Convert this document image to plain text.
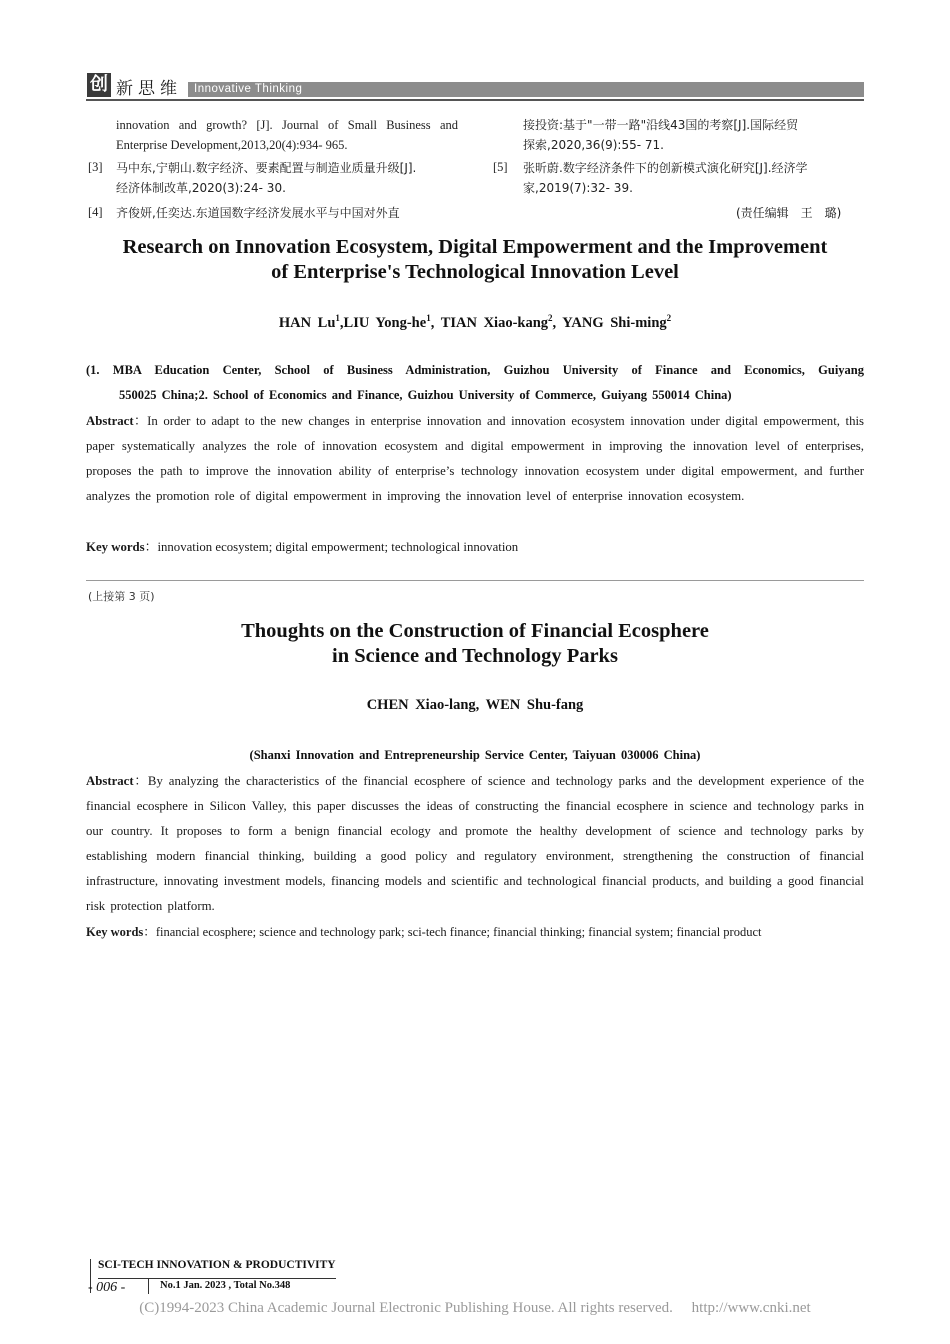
创 新思维 Innovative Thinking
innovation and growth? [J]. Journal of Small Business and
Enterprise Development,2013,20(4):934- 965.
[3] 马中东,宁朝山.数字经济、要素配置与制造业质量升级[J].
经济体制改革,2020(3):24- 30.
[4] 齐俊妍,任奕达.东道国数字经济发展水平与中国对外直
接投资:基于"一带一路"沿线43国的考察[J].国际经贸
探索,2020,36(9):55- 71.
[5] 张昕蔚.数字经济条件下的创新模式演化研究[J].经济学
家,2019(7):32- 39.
(责任编辑　王　璐)
Research on Innovation Ecosystem, Digital Empowerment and the Improvement
of Enterprise's Technological Innovation Level
HAN Lu$^1$,LIU Yong-$he^1$, TIAN Xiao-kang$^2$, YANG Shi-ming$^2$
(1. MBA Education Center, School of Business Administration, Guizhou University of Finance and Economics, Guiyang
550025 China;2. School of Economics and Finance, Guizhou University of Commerce, Guiyang 550014 China)
Abstract：In order to adapt to the new changes in enterprise innovation and innovation ecosystem innovation under digital empowerment, this paper systematically analyzes the role of innovation ecosystem and digital empowerment in improving the innovation level of enterprises, proposes the path to improve the innovation ability of enterprise’s technology innovation ecosystem under digital empowerment, and further analyzes the promotion role of digital empowerment in improving the innovation level of enterprise innovation ecosystem.
Key words：innovation ecosystem; digital empowerment; technological innovation
(上接第 3 页)
Thoughts on the Construction of Financial Ecosphere
in Science and Technology Parks
CHEN Xiao-lang, WEN Shu-fang
(Shanxi Innovation and Entrepreneurship Service Center, Taiyuan 030006 China)
Abstract：By analyzing the characteristics of the financial ecosphere of science and technology parks and the development experience of the financial ecosphere in Silicon Valley, this paper discusses the ideas of constructing the financial ecosphere in science and technology parks in our country. It proposes to form a benign financial ecology and promote the healthy development of science and technology parks by establishing modern financial thinking, building a good policy and regulatory environment, strengthening the construction of financial infrastructure, innovating investment models, financing models and scientific and technological financial products, and building a good financial risk protection platform.
Key words：financial ecosphere; science and technology park; sci-tech finance; financial thinking; financial system; financial product
SCI-TECH INNOVATION & PRODUCTIVITY
- 006 -	No.1 Jan. 2023 , Total No.348
(C)1994-2023 China Academic Journal Electronic Publishing House. All rights reserved.　 http://www.cnki.net
